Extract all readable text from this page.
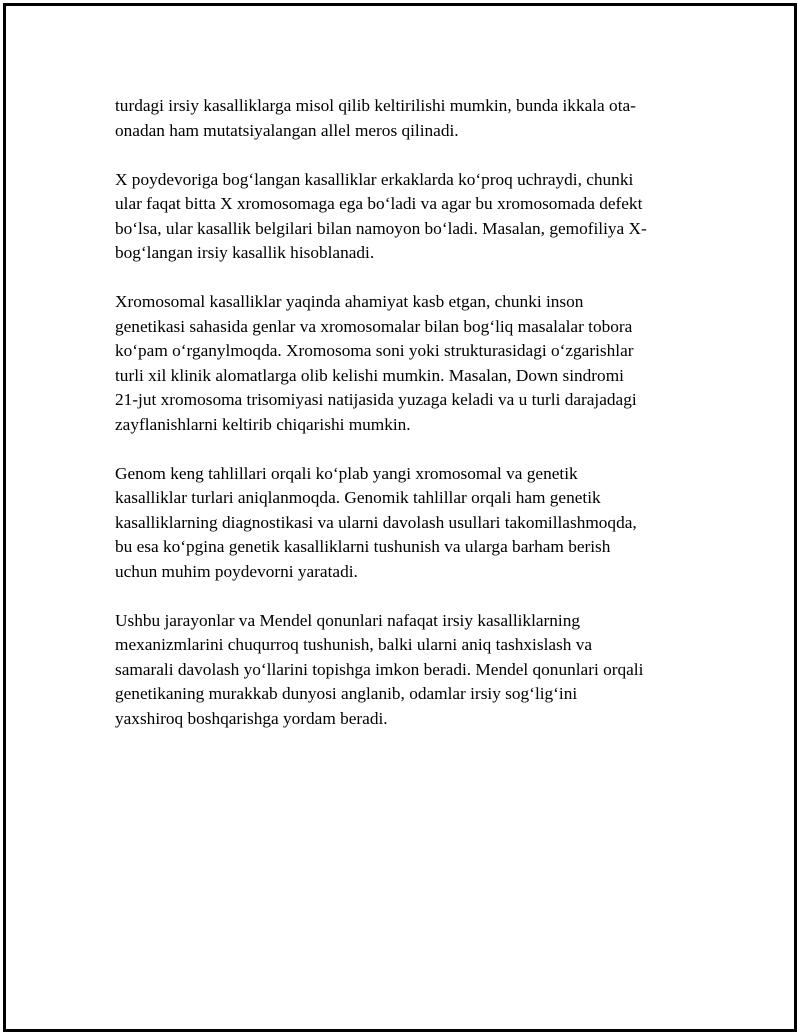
turdagi irsiy kasalliklarga misol qilib keltirilishi mumkin, bunda ikkala ota-
onadan ham mutatsiyalangan allel meros qilinadi.

X poydevoriga bog‘langan kasalliklar erkaklarda ko‘proq uchraydi, chunki
ular faqat bitta X xromosomaga ega bo‘ladi va agar bu xromosomada defekt
bo‘lsa, ular kasallik belgilari bilan namoyon bo‘ladi. Masalan, gemofiliya X-
bog‘langan irsiy kasallik hisoblanadi.

Xromosomal kasalliklar yaqinda ahamiyat kasb etgan, chunki inson
genetikasi sahasida genlar va xromosomalar bilan bog‘liq masalalar tobora
ko‘pam o‘rganylmoqda. Xromosoma soni yoki strukturasidagi o‘zgarishlar
turli xil klinik alomatlarga olib kelishi mumkin. Masalan, Down sindromi
21-jut xromosoma trisomiyasi natijasida yuzaga keladi va u turli darajadagi
zayflanishlarni keltirib chiqarishi mumkin.

Genom keng tahlillari orqali ko‘plab yangi xromosomal va genetik
kasalliklar turlari aniqlanmoqda. Genomik tahlillar orqali ham genetik
kasalliklarning diagnostikasi va ularni davolash usullari takomillashmoqda,
bu esa ko‘pgina genetik kasalliklarni tushunish va ularga barham berish
uchun muhim poydevorni yaratadi.

Ushbu jarayonlar va Mendel qonunlari nafaqat irsiy kasalliklarning
mexanizmlarini chuqurroq tushunish, balki ularni aniq tashxislash va
samarali davolash yo‘llarini topishga imkon beradi. Mendel qonunlari orqali
genetikaning murakkab dunyosi anglanib, odamlar irsiy sog‘lig‘ini
yaxshiroq boshqarishga yordam beradi.
